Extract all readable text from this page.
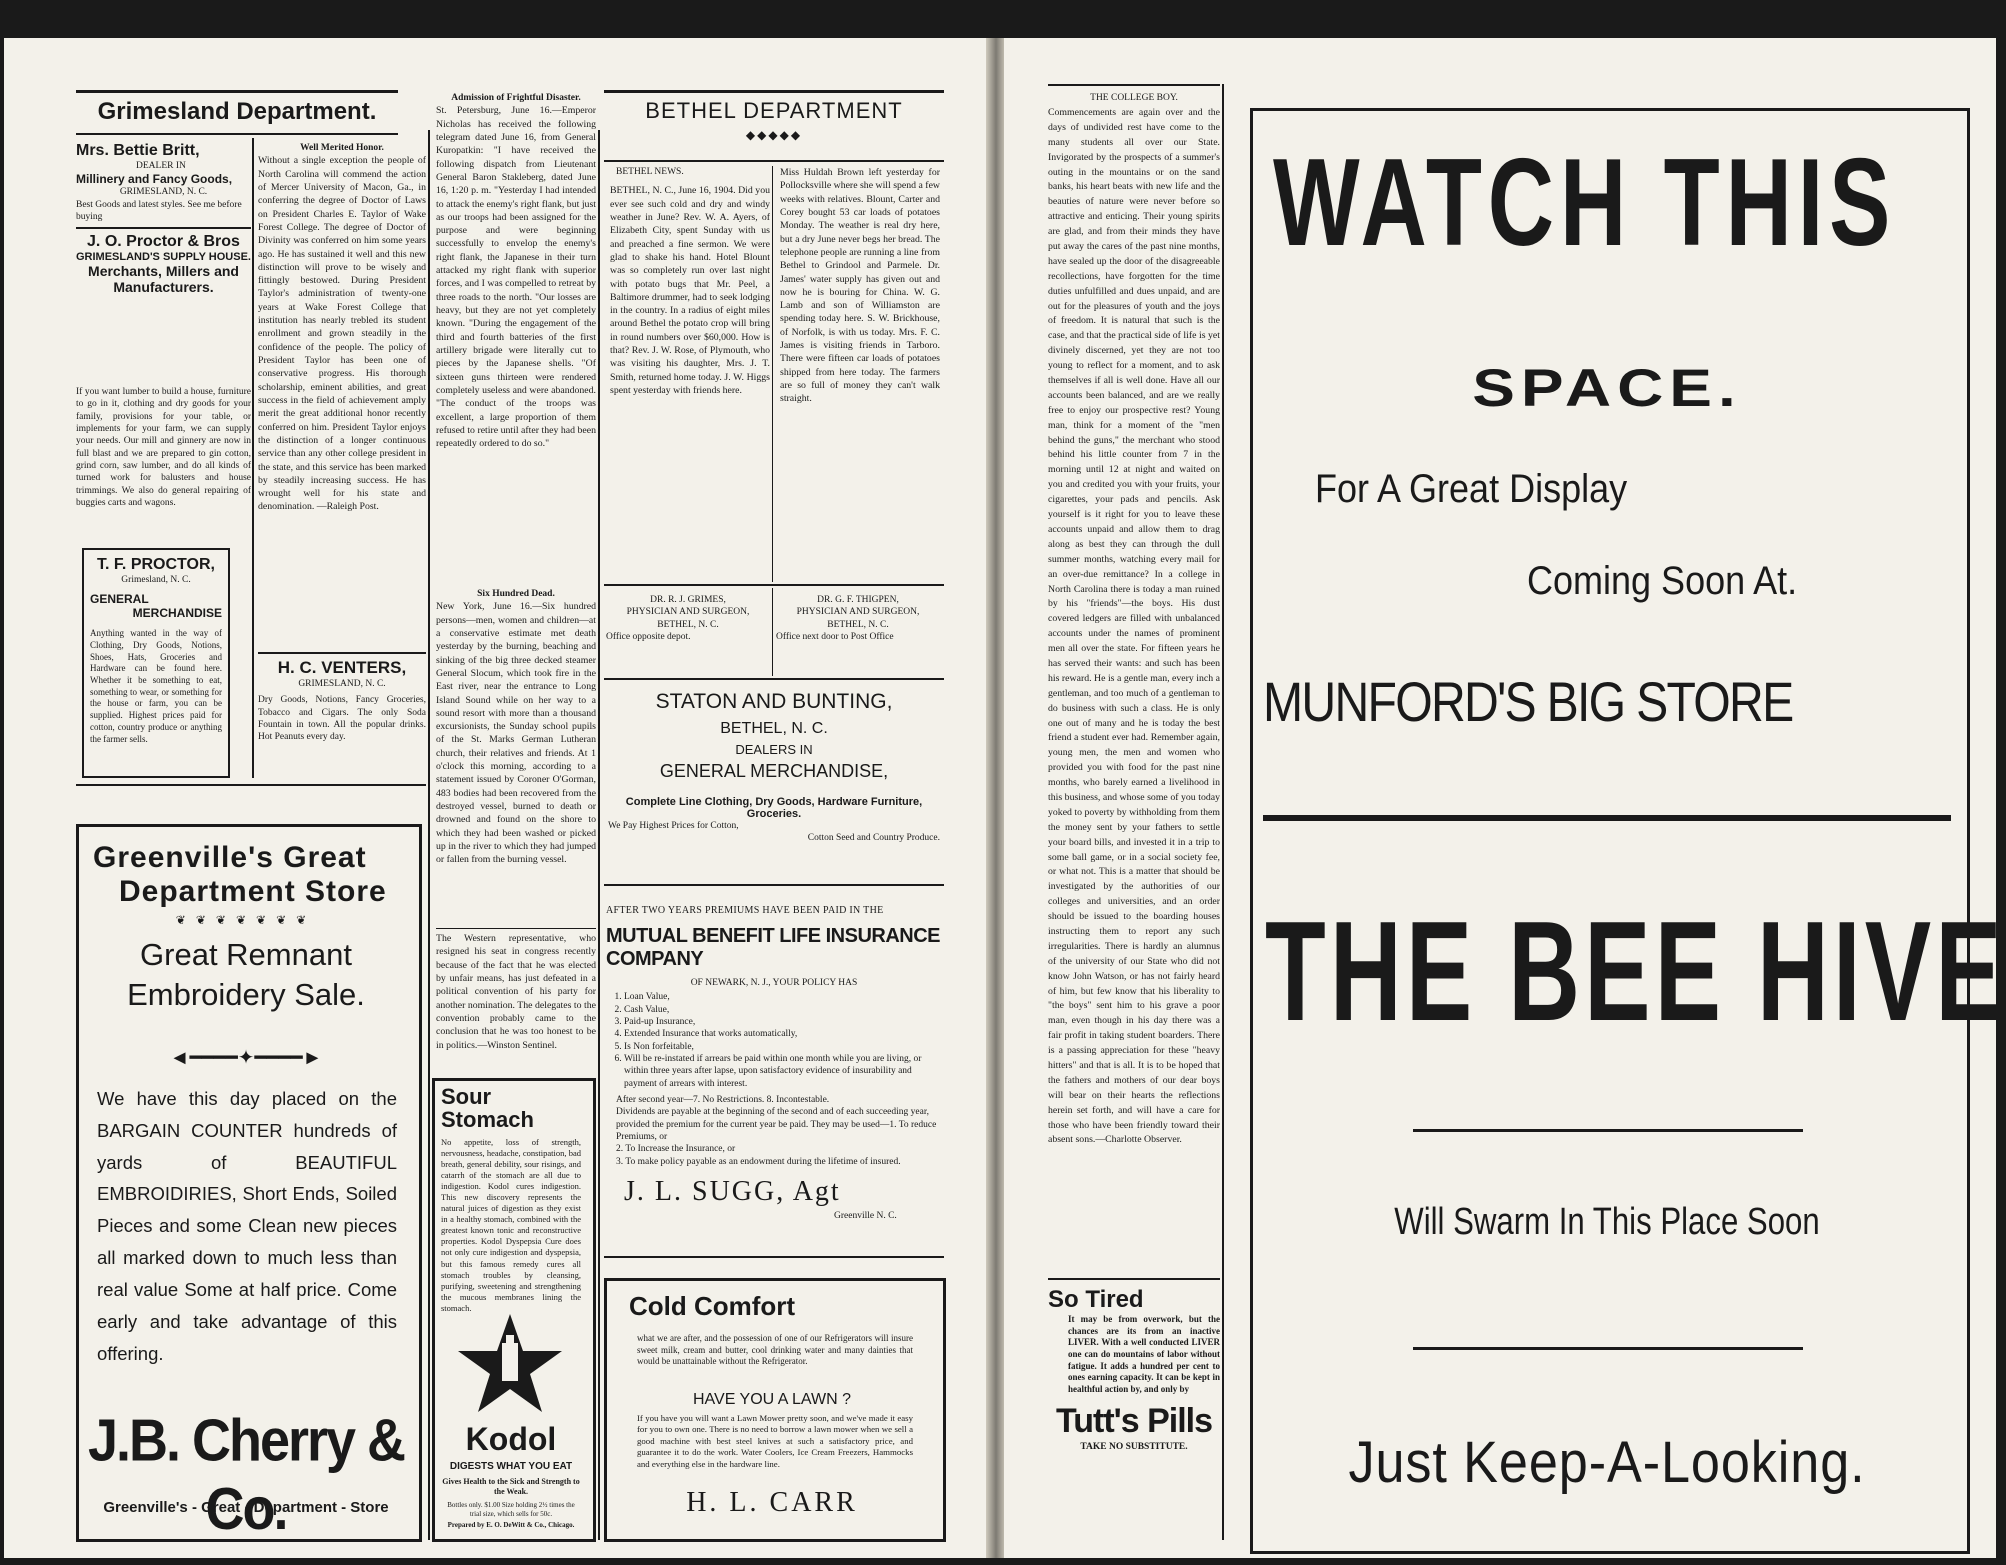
Grimesland Department.
Mrs. Bettie Britt,
DEALER IN
Millinery and Fancy Goods,
GRIMESLAND, N. C.
Best Goods and latest styles. See me before buying
J. O. Proctor & Bros
GRIMESLAND'S SUPPLY HOUSE.
Merchants, Millers and Manufacturers.
If you want lumber to build a house, furniture to go in it, clothing and dry goods for your family, provisions for your table, or implements for your farm, we can supply your needs. Our mill and ginnery are now in full blast and we are prepared to gin cotton, grind corn, saw lumber, and do all kinds of turned work for balusters and house trimmings. We also do general repairing of buggies carts and wagons.
T. F. PROCTOR,
Grimesland, N. C.
GENERAL
MERCHANDISE
Anything wanted in the way of Clothing, Dry Goods, Notions, Shoes, Hats, Groceries and Hardware can be found here. Whether it be something to eat, something to wear, or something for the house or farm, you can be supplied. Highest prices paid for cotton, country produce or anything the farmer sells.
Well Merited Honor.
Without a single exception the people of North Carolina will commend the action of Mercer University of Macon, Ga., in conferring the degree of Doctor of Laws on President Charles E. Taylor of Wake Forest College. The degree of Doctor of Divinity was conferred on him some years ago. He has sustained it well and this new distinction will prove to be wisely and fittingly bestowed. During President Taylor's administration of twenty-one years at Wake Forest College that institution has nearly trebled its student enrollment and grown steadily in the confidence of the people. The policy of President Taylor has been one of conservative progress. His thorough scholarship, eminent abilities, and great success in the field of achievement amply merit the great additional honor recently conferred on him. President Taylor enjoys the distinction of a longer continuous service than any other college president in the state, and this service has been marked by steadily increasing success. He has wrought well for his state and denomination. —Raleigh Post.
H. C. VENTERS,
GRIMESLAND, N. C.
Dry Goods, Notions, Fancy Groceries, Tobacco and Cigars. The only Soda Fountain in town. All the popular drinks. Hot Peanuts every day.
Greenville's Great
Department Store
❦❦❦❦❦❦❦
Great Remnant Embroidery Sale.
◄━━━━✦━━━━►
We have this day placed on the BARGAIN COUNTER hundreds of yards of BEAUTIFUL EMBROIDIRIES, Short Ends, Soiled Pieces and some Clean new pieces all marked down to much less than real value Some at half price. Come early and take advantage of this offering.
J.B. Cherry & Co.
Greenville's - Great - Department - Store
Admission of Frightful Disaster.
St. Petersburg, June 16.—Emperor Nicholas has received the following telegram dated June 16, from General Kuropatkin: "I have received the following dispatch from Lieutenant General Baron Stakleberg, dated June 16, 1:20 p. m. "Yesterday I had intended to attack the enemy's right flank, but just as our troops had been assigned for the purpose and were beginning successfully to envelop the enemy's right flank, the Japanese in their turn attacked my right flank with superior forces, and I was compelled to retreat by three roads to the north. "Our losses are heavy, but they are not yet completely known. "During the engagement of the third and fourth batteries of the first artillery brigade were literally cut to pieces by the Japanese shells. "Of sixteen guns thirteen were rendered completely useless and were abandoned. "The conduct of the troops was excellent, a large proportion of them refused to retire until after they had been repeatedly ordered to do so."
Six Hundred Dead.
New York, June 16.—Six hundred persons—men, women and children—at a conservative estimate met death yesterday by the burning, beaching and sinking of the big three decked steamer General Slocum, which took fire in the East river, near the entrance to Long Island Sound while on her way to a sound resort with more than a thousand excursionists, the Sunday school pupils of the St. Marks German Lutheran church, their relatives and friends. At 1 o'clock this morning, according to a statement issued by Coroner O'Gorman, 483 bodies had been recovered from the destroyed vessel, burned to death or drowned and found on the shore to which they had been washed or picked up in the river to which they had jumped or fallen from the burning vessel.
The Western representative, who resigned his seat in congress recently because of the fact that he was elected by unfair means, has just defeated in a political convention of his party for another nomination. The delegates to the convention probably came to the conclusion that he was too honest to be in politics.—Winston Sentinel.
Sour Stomach
No appetite, loss of strength, nervousness, headache, constipation, bad breath, general debility, sour risings, and catarrh of the stomach are all due to indigestion. Kodol cures indigestion. This new discovery represents the natural juices of digestion as they exist in a healthy stomach, combined with the greatest known tonic and reconstructive properties. Kodol Dyspepsia Cure does not only cure indigestion and dyspepsia, but this famous remedy cures all stomach troubles by cleansing, purifying, sweetening and strengthening the mucous membranes lining the stomach.
Kodol
DIGESTS WHAT YOU EAT
Gives Health to the Sick and Strength to the Weak.
Bottles only. $1.00 Size holding 2½ times the trial size, which sells for 50c.
Prepared by E. O. DeWitt & Co., Chicago.
BETHEL DEPARTMENT
◆◆◆◆◆
BETHEL NEWS.
BETHEL, N. C., June 16, 1904. Did you ever see such cold and dry and windy weather in June? Rev. W. A. Ayers, of Elizabeth City, spent Sunday with us and preached a fine sermon. We were glad to shake his hand. Hotel Blount was so completely run over last night with potato bugs that Mr. Peel, a Baltimore drummer, had to seek lodging in the country. In a radius of eight miles around Bethel the potato crop will bring in round numbers over $60,000. How is that? Rev. J. W. Rose, of Plymouth, who was visiting his daughter, Mrs. J. T. Smith, returned home today. J. W. Higgs spent yesterday with friends here.
Miss Huldah Brown left yesterday for Pollocksville where she will spend a few weeks with relatives. Blount, Carter and Corey bought 53 car loads of potatoes Monday. The weather is real dry here, but a dry June never begs her bread. The telephone people are running a line from Bethel to Grindool and Parmele. Dr. James' water supply has given out and now he is bouring for China. W. G. Lamb and son of Williamston are spending today here. S. W. Brickhouse, of Norfolk, is with us today. Mrs. F. C. James is visiting friends in Tarboro. There were fifteen car loads of potatoes shipped from here today. The farmers are so full of money they can't walk straight.
DR. R. J. GRIMES,
PHYSICIAN AND SURGEON,
BETHEL, N. C.
Office opposite depot.
DR. G. F. THIGPEN,
PHYSICIAN AND SURGEON,
BETHEL, N. C.
Office next door to Post Office
STATON AND BUNTING,
BETHEL, N. C.
DEALERS IN
GENERAL MERCHANDISE,
Complete Line Clothing, Dry Goods, Hardware Furniture, Groceries.
We Pay Highest Prices for Cotton,
Cotton Seed and Country Produce.
AFTER TWO YEARS PREMIUMS HAVE BEEN PAID IN THE
MUTUAL BENEFIT LIFE INSURANCE COMPANY
OF NEWARK, N. J., YOUR POLICY HAS
1. Loan Value,
2. Cash Value,
3. Paid-up Insurance,
4. Extended Insurance that works automatically,
5. Is Non forfeitable,
6. Will be re-instated if arrears be paid within one month while you are living, or within three years after lapse, upon satisfactory evidence of insurability and payment of arrears with interest.
After second year—7. No Restrictions. 8. Incontestable.
Dividends are payable at the beginning of the second and of each succeeding year, provided the premium for the current year be paid. They may be used—1. To reduce Premiums, or
2. To Increase the Insurance, or
3. To make policy payable as an endowment during the lifetime of insured.
J. L. SUGG, Agt
Greenville N. C.
Cold Comfort
what we are after, and the possession of one of our Refrigerators will insure sweet milk, cream and butter, cool drinking water and many dainties that would be unattainable without the Refrigerator.
HAVE YOU A LAWN ?
If you have you will want a Lawn Mower pretty soon, and we've made it easy for you to own one. There is no need to borrow a lawn mower when we sell a good machine with best steel knives at such a satisfactory price, and guarantee it to do the work. Water Coolers, Ice Cream Freezers, Hammocks and everything else in the hardware line.
H. L. CARR
THE COLLEGE BOY.
Commencements are again over and the days of undivided rest have come to the many students all over our State. Invigorated by the prospects of a summer's outing in the mountains or on the sand banks, his heart beats with new life and the beauties of nature were never before so attractive and enticing. Their young spirits are glad, and from their minds they have put away the cares of the past nine months, have sealed up the door of the disagreeable recollections, have forgotten for the time duties unfulfilled and dues unpaid, and are out for the pleasures of youth and the joys of freedom. It is natural that such is the case, and that the practical side of life is yet divinely discerned, yet they are not too young to reflect for a moment, and to ask themselves if all is well done. Have all our accounts been balanced, and are we really free to enjoy our prospective rest? Young man, think for a moment of the "men behind the guns," the merchant who stood behind his little counter from 7 in the morning until 12 at night and waited on you and credited you with your fruits, your cigarettes, your pads and pencils. Ask yourself is it right for you to leave these accounts unpaid and allow them to drag along as best they can through the dull summer months, watching every mail for an over-due remittance? In a college in North Carolina there is today a man ruined by his "friends"—the boys. His dust covered ledgers are filled with unbalanced accounts under the names of prominent men all over the state. For fifteen years he has served their wants: and such has been his reward. He is a gentle man, every inch a gentleman, and too much of a gentleman to do business with such a class. He is only one out of many and he is today the best friend a student ever had. Remember again, young men, the men and women who provided you with food for the past nine months, who barely earned a livelihood in this business, and whose some of you today yoked to poverty by withholding from them the money sent by your fathers to settle your board bills, and invested it in a trip to some ball game, or in a social society fee, or what not. This is a matter that should be investigated by the authorities of our colleges and universities, and an order should be issued to the boarding houses instructing them to report any such irregularities. There is hardly an alumnus of the university of our State who did not know John Watson, or has not fairly heard of him, but few know that his liberality to "the boys" sent him to his grave a poor man, even though in his day there was a fair profit in taking student boarders. There is a passing appreciation for these "heavy hitters" and that is all. It is to be hoped that the fathers and mothers of our dear boys will bear on their hearts the reflections herein set forth, and will have a care for those who have been friendly toward their absent sons.—Charlotte Observer.
So Tired
It may be from overwork, but the chances are its from an inactive LIVER. With a well conducted LIVER one can do mountains of labor without fatigue. It adds a hundred per cent to ones earning capacity. It can be kept in healthful action by, and only by
Tutt's Pills
TAKE NO SUBSTITUTE.
WATCH THIS
SPACE.
For A Great Display
Coming Soon At.
MUNFORD'S BIG STORE
THE BEE HIVE
Will Swarm In This Place Soon
Just Keep-A-Looking.
